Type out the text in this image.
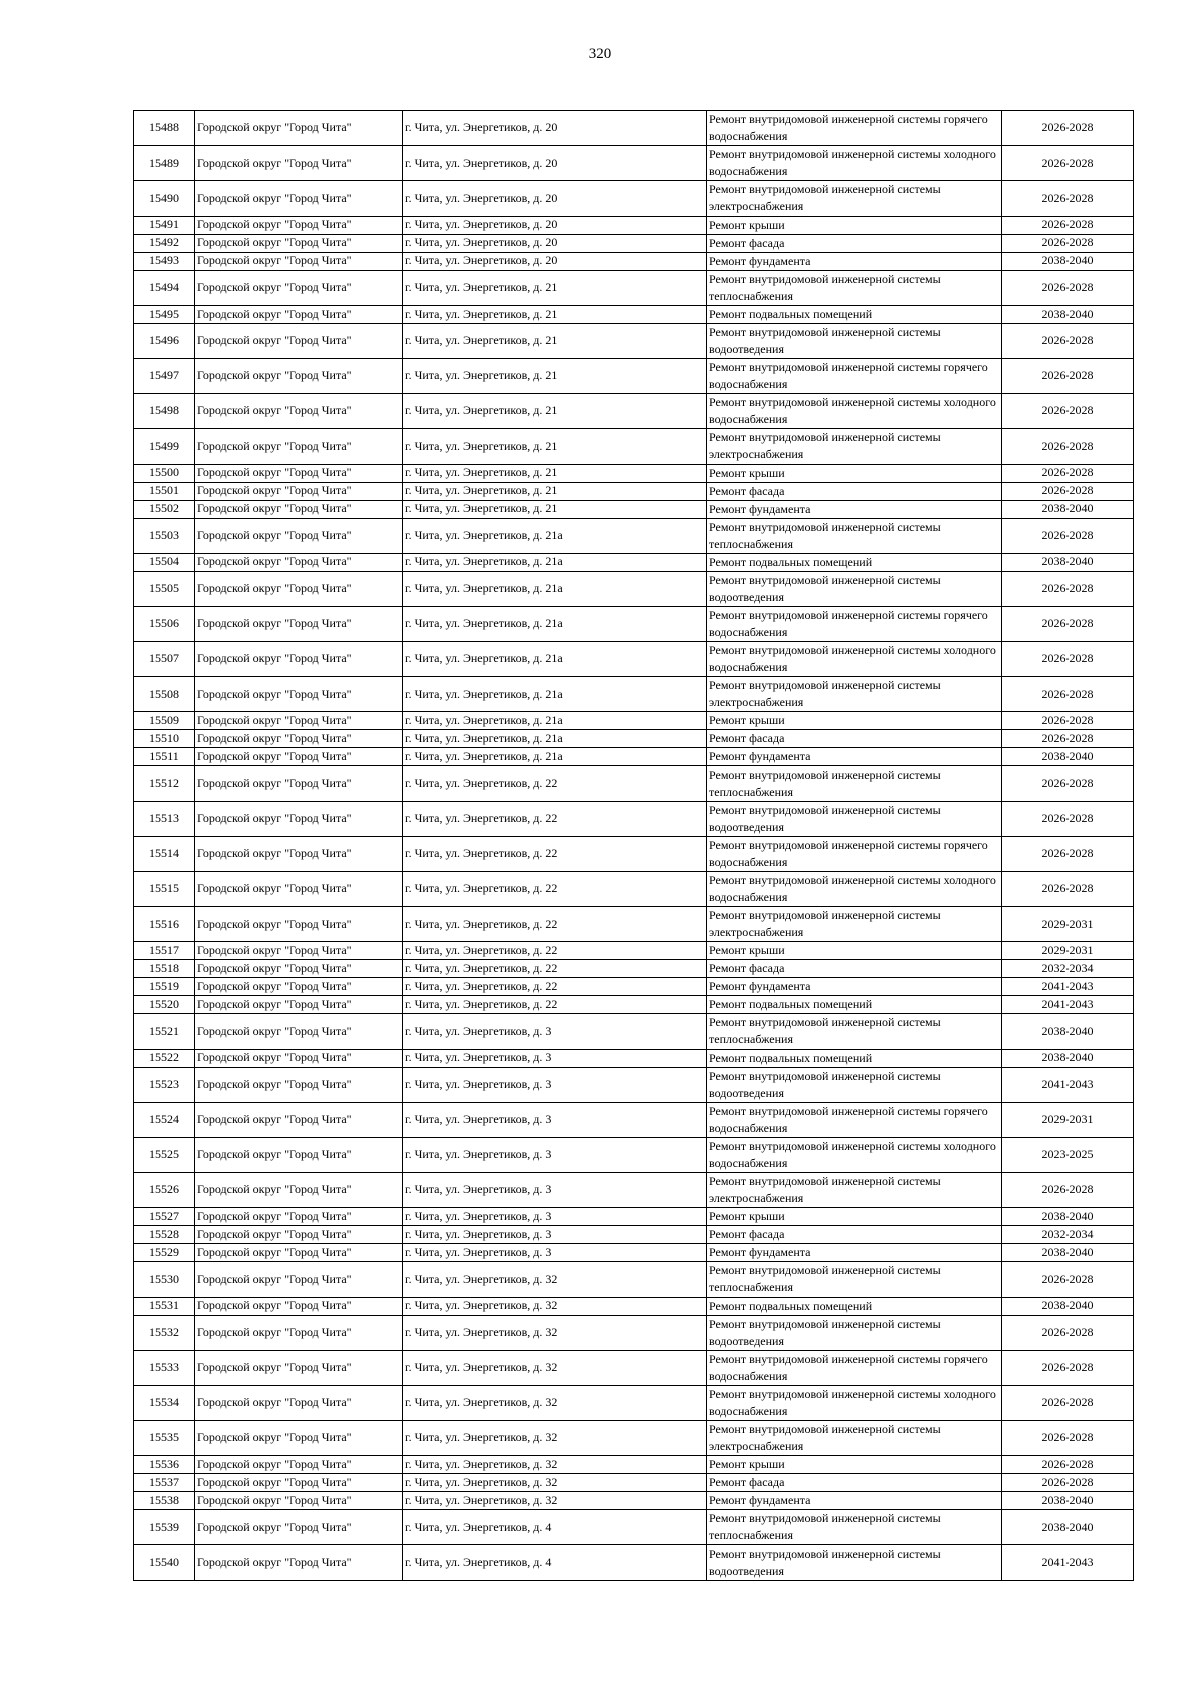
320
15488	Городской округ "Город Чита"	г. Чита, ул. Энергетиков, д. 20	Ремонт внутридомовой инженерной системы горячего водоснабжения	2026-2028
15489	Городской округ "Город Чита"	г. Чита, ул. Энергетиков, д. 20	Ремонт внутридомовой инженерной системы холодного водоснабжения	2026-2028
15490	Городской округ "Город Чита"	г. Чита, ул. Энергетиков, д. 20	Ремонт внутридомовой инженерной системы электроснабжения	2026-2028
15491	Городской округ "Город Чита"	г. Чита, ул. Энергетиков, д. 20	Ремонт крыши	2026-2028
15492	Городской округ "Город Чита"	г. Чита, ул. Энергетиков, д. 20	Ремонт фасада	2026-2028
15493	Городской округ "Город Чита"	г. Чита, ул. Энергетиков, д. 20	Ремонт фундамента	2038-2040
15494	Городской округ "Город Чита"	г. Чита, ул. Энергетиков, д. 21	Ремонт внутридомовой инженерной системы теплоснабжения	2026-2028
15495	Городской округ "Город Чита"	г. Чита, ул. Энергетиков, д. 21	Ремонт подвальных помещений	2038-2040
15496	Городской округ "Город Чита"	г. Чита, ул. Энергетиков, д. 21	Ремонт внутридомовой инженерной системы водоотведения	2026-2028
15497	Городской округ "Город Чита"	г. Чита, ул. Энергетиков, д. 21	Ремонт внутридомовой инженерной системы горячего водоснабжения	2026-2028
15498	Городской округ "Город Чита"	г. Чита, ул. Энергетиков, д. 21	Ремонт внутридомовой инженерной системы холодного водоснабжения	2026-2028
15499	Городской округ "Город Чита"	г. Чита, ул. Энергетиков, д. 21	Ремонт внутридомовой инженерной системы электроснабжения	2026-2028
15500	Городской округ "Город Чита"	г. Чита, ул. Энергетиков, д. 21	Ремонт крыши	2026-2028
15501	Городской округ "Город Чита"	г. Чита, ул. Энергетиков, д. 21	Ремонт фасада	2026-2028
15502	Городской округ "Город Чита"	г. Чита, ул. Энергетиков, д. 21	Ремонт фундамента	2038-2040
15503	Городской округ "Город Чита"	г. Чита, ул. Энергетиков, д. 21а	Ремонт внутридомовой инженерной системы теплоснабжения	2026-2028
15504	Городской округ "Город Чита"	г. Чита, ул. Энергетиков, д. 21а	Ремонт подвальных помещений	2038-2040
15505	Городской округ "Город Чита"	г. Чита, ул. Энергетиков, д. 21а	Ремонт внутридомовой инженерной системы водоотведения	2026-2028
15506	Городской округ "Город Чита"	г. Чита, ул. Энергетиков, д. 21а	Ремонт внутридомовой инженерной системы горячего водоснабжения	2026-2028
15507	Городской округ "Город Чита"	г. Чита, ул. Энергетиков, д. 21а	Ремонт внутридомовой инженерной системы холодного водоснабжения	2026-2028
15508	Городской округ "Город Чита"	г. Чита, ул. Энергетиков, д. 21а	Ремонт внутридомовой инженерной системы электроснабжения	2026-2028
15509	Городской округ "Город Чита"	г. Чита, ул. Энергетиков, д. 21а	Ремонт крыши	2026-2028
15510	Городской округ "Город Чита"	г. Чита, ул. Энергетиков, д. 21а	Ремонт фасада	2026-2028
15511	Городской округ "Город Чита"	г. Чита, ул. Энергетиков, д. 21а	Ремонт фундамента	2038-2040
15512	Городской округ "Город Чита"	г. Чита, ул. Энергетиков, д. 22	Ремонт внутридомовой инженерной системы теплоснабжения	2026-2028
15513	Городской округ "Город Чита"	г. Чита, ул. Энергетиков, д. 22	Ремонт внутридомовой инженерной системы водоотведения	2026-2028
15514	Городской округ "Город Чита"	г. Чита, ул. Энергетиков, д. 22	Ремонт внутридомовой инженерной системы горячего водоснабжения	2026-2028
15515	Городской округ "Город Чита"	г. Чита, ул. Энергетиков, д. 22	Ремонт внутридомовой инженерной системы холодного водоснабжения	2026-2028
15516	Городской округ "Город Чита"	г. Чита, ул. Энергетиков, д. 22	Ремонт внутридомовой инженерной системы электроснабжения	2029-2031
15517	Городской округ "Город Чита"	г. Чита, ул. Энергетиков, д. 22	Ремонт крыши	2029-2031
15518	Городской округ "Город Чита"	г. Чита, ул. Энергетиков, д. 22	Ремонт фасада	2032-2034
15519	Городской округ "Город Чита"	г. Чита, ул. Энергетиков, д. 22	Ремонт фундамента	2041-2043
15520	Городской округ "Город Чита"	г. Чита, ул. Энергетиков, д. 22	Ремонт подвальных помещений	2041-2043
15521	Городской округ "Город Чита"	г. Чита, ул. Энергетиков, д. 3	Ремонт внутридомовой инженерной системы теплоснабжения	2038-2040
15522	Городской округ "Город Чита"	г. Чита, ул. Энергетиков, д. 3	Ремонт подвальных помещений	2038-2040
15523	Городской округ "Город Чита"	г. Чита, ул. Энергетиков, д. 3	Ремонт внутридомовой инженерной системы водоотведения	2041-2043
15524	Городской округ "Город Чита"	г. Чита, ул. Энергетиков, д. 3	Ремонт внутридомовой инженерной системы горячего водоснабжения	2029-2031
15525	Городской округ "Город Чита"	г. Чита, ул. Энергетиков, д. 3	Ремонт внутридомовой инженерной системы холодного водоснабжения	2023-2025
15526	Городской округ "Город Чита"	г. Чита, ул. Энергетиков, д. 3	Ремонт внутридомовой инженерной системы электроснабжения	2026-2028
15527	Городской округ "Город Чита"	г. Чита, ул. Энергетиков, д. 3	Ремонт крыши	2038-2040
15528	Городской округ "Город Чита"	г. Чита, ул. Энергетиков, д. 3	Ремонт фасада	2032-2034
15529	Городской округ "Город Чита"	г. Чита, ул. Энергетиков, д. 3	Ремонт фундамента	2038-2040
15530	Городской округ "Город Чита"	г. Чита, ул. Энергетиков, д. 32	Ремонт внутридомовой инженерной системы теплоснабжения	2026-2028
15531	Городской округ "Город Чита"	г. Чита, ул. Энергетиков, д. 32	Ремонт подвальных помещений	2038-2040
15532	Городской округ "Город Чита"	г. Чита, ул. Энергетиков, д. 32	Ремонт внутридомовой инженерной системы водоотведения	2026-2028
15533	Городской округ "Город Чита"	г. Чита, ул. Энергетиков, д. 32	Ремонт внутридомовой инженерной системы горячего водоснабжения	2026-2028
15534	Городской округ "Город Чита"	г. Чита, ул. Энергетиков, д. 32	Ремонт внутридомовой инженерной системы холодного водоснабжения	2026-2028
15535	Городской округ "Город Чита"	г. Чита, ул. Энергетиков, д. 32	Ремонт внутридомовой инженерной системы электроснабжения	2026-2028
15536	Городской округ "Город Чита"	г. Чита, ул. Энергетиков, д. 32	Ремонт крыши	2026-2028
15537	Городской округ "Город Чита"	г. Чита, ул. Энергетиков, д. 32	Ремонт фасада	2026-2028
15538	Городской округ "Город Чита"	г. Чита, ул. Энергетиков, д. 32	Ремонт фундамента	2038-2040
15539	Городской округ "Город Чита"	г. Чита, ул. Энергетиков, д. 4	Ремонт внутридомовой инженерной системы теплоснабжения	2038-2040
15540	Городской округ "Город Чита"	г. Чита, ул. Энергетиков, д. 4	Ремонт внутридомовой инженерной системы водоотведения	2041-2043
